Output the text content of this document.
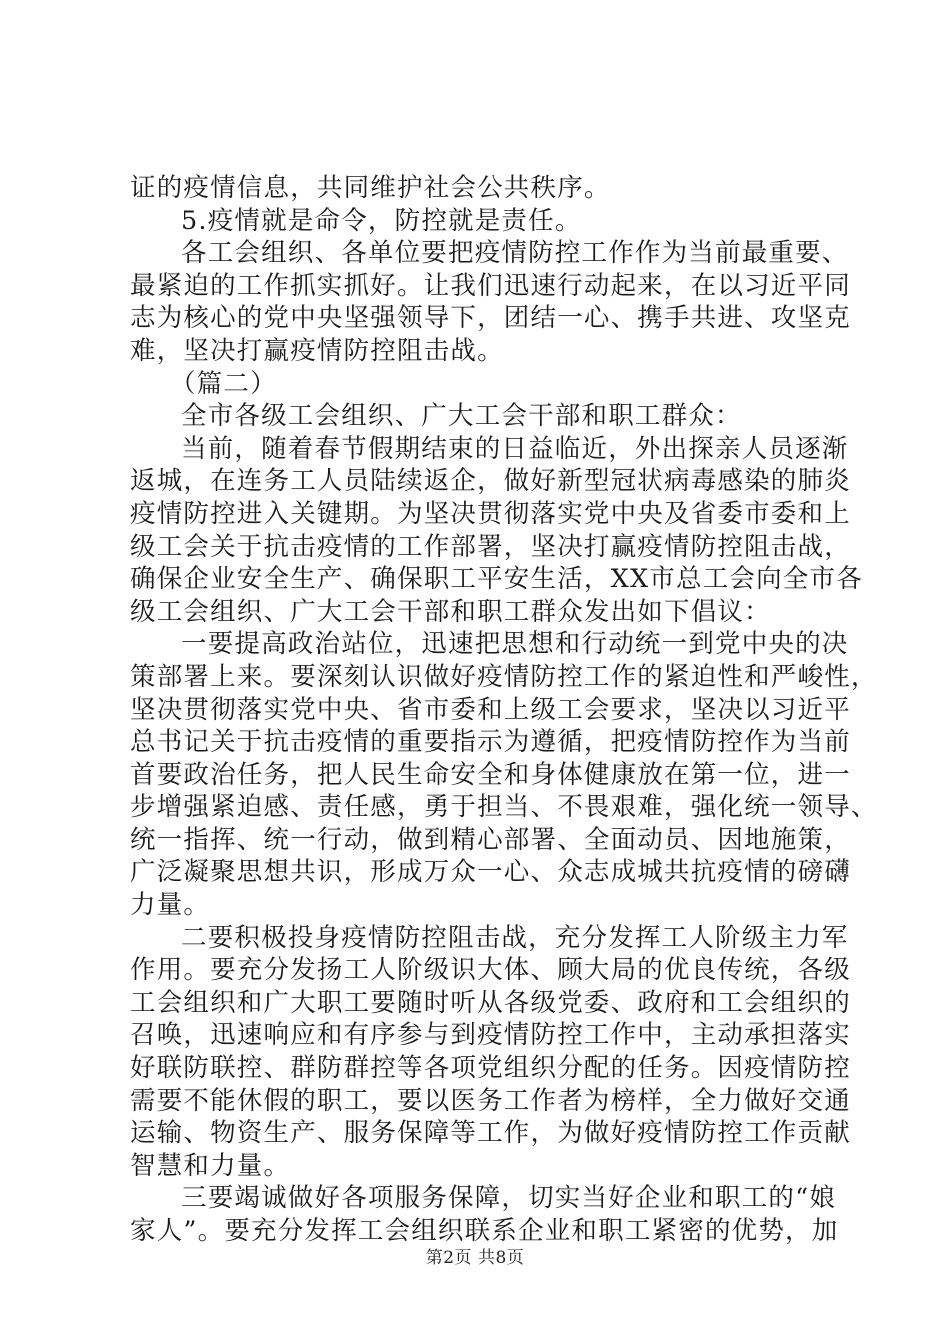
证的疫情信息，共同维护社会公共秩序。
5.疫情就是命令，防控就是责任。
各工会组织、各单位要把疫情防控工作作为当前最重要、
最紧迫的工作抓实抓好。让我们迅速行动起来，在以习近平同
志为核心的党中央坚强领导下，团结一心、携手共进、攻坚克
难，坚决打赢疫情防控阻击战。
（篇二）
全市各级工会组织、广大工会干部和职工群众：
当前，随着春节假期结束的日益临近，外出探亲人员逐渐
返城，在连务工人员陆续返企，做好新型冠状病毒感染的肺炎
疫情防控进入关键期。为坚决贯彻落实党中央及省委市委和上
级工会关于抗击疫情的工作部署，坚决打赢疫情防控阻击战，
确保企业安全生产、确保职工平安生活，XX市总工会向全市各
级工会组织、广大工会干部和职工群众发出如下倡议：
一要提高政治站位，迅速把思想和行动统一到党中央的决
策部署上来。要深刻认识做好疫情防控工作的紧迫性和严峻性，
坚决贯彻落实党中央、省市委和上级工会要求，坚决以习近平
总书记关于抗击疫情的重要指示为遵循，把疫情防控作为当前
首要政治任务，把人民生命安全和身体健康放在第一位，进一
步增强紧迫感、责任感，勇于担当、不畏艰难，强化统一领导、
统一指挥、统一行动，做到精心部署、全面动员、因地施策，
广泛凝聚思想共识，形成万众一心、众志成城共抗疫情的磅礴
力量。
二要积极投身疫情防控阻击战，充分发挥工人阶级主力军
作用。要充分发扬工人阶级识大体、顾大局的优良传统，各级
工会组织和广大职工要随时听从各级党委、政府和工会组织的
召唤，迅速响应和有序参与到疫情防控工作中，主动承担落实
好联防联控、群防群控等各项党组织分配的任务。因疫情防控
需要不能休假的职工，要以医务工作者为榜样，全力做好交通
运输、物资生产、服务保障等工作，为做好疫情防控工作贡献
智慧和力量。
三要竭诚做好各项服务保障，切实当好企业和职工的“娘
家人”。要充分发挥工会组织联系企业和职工紧密的优势，加
第2页 共8页
